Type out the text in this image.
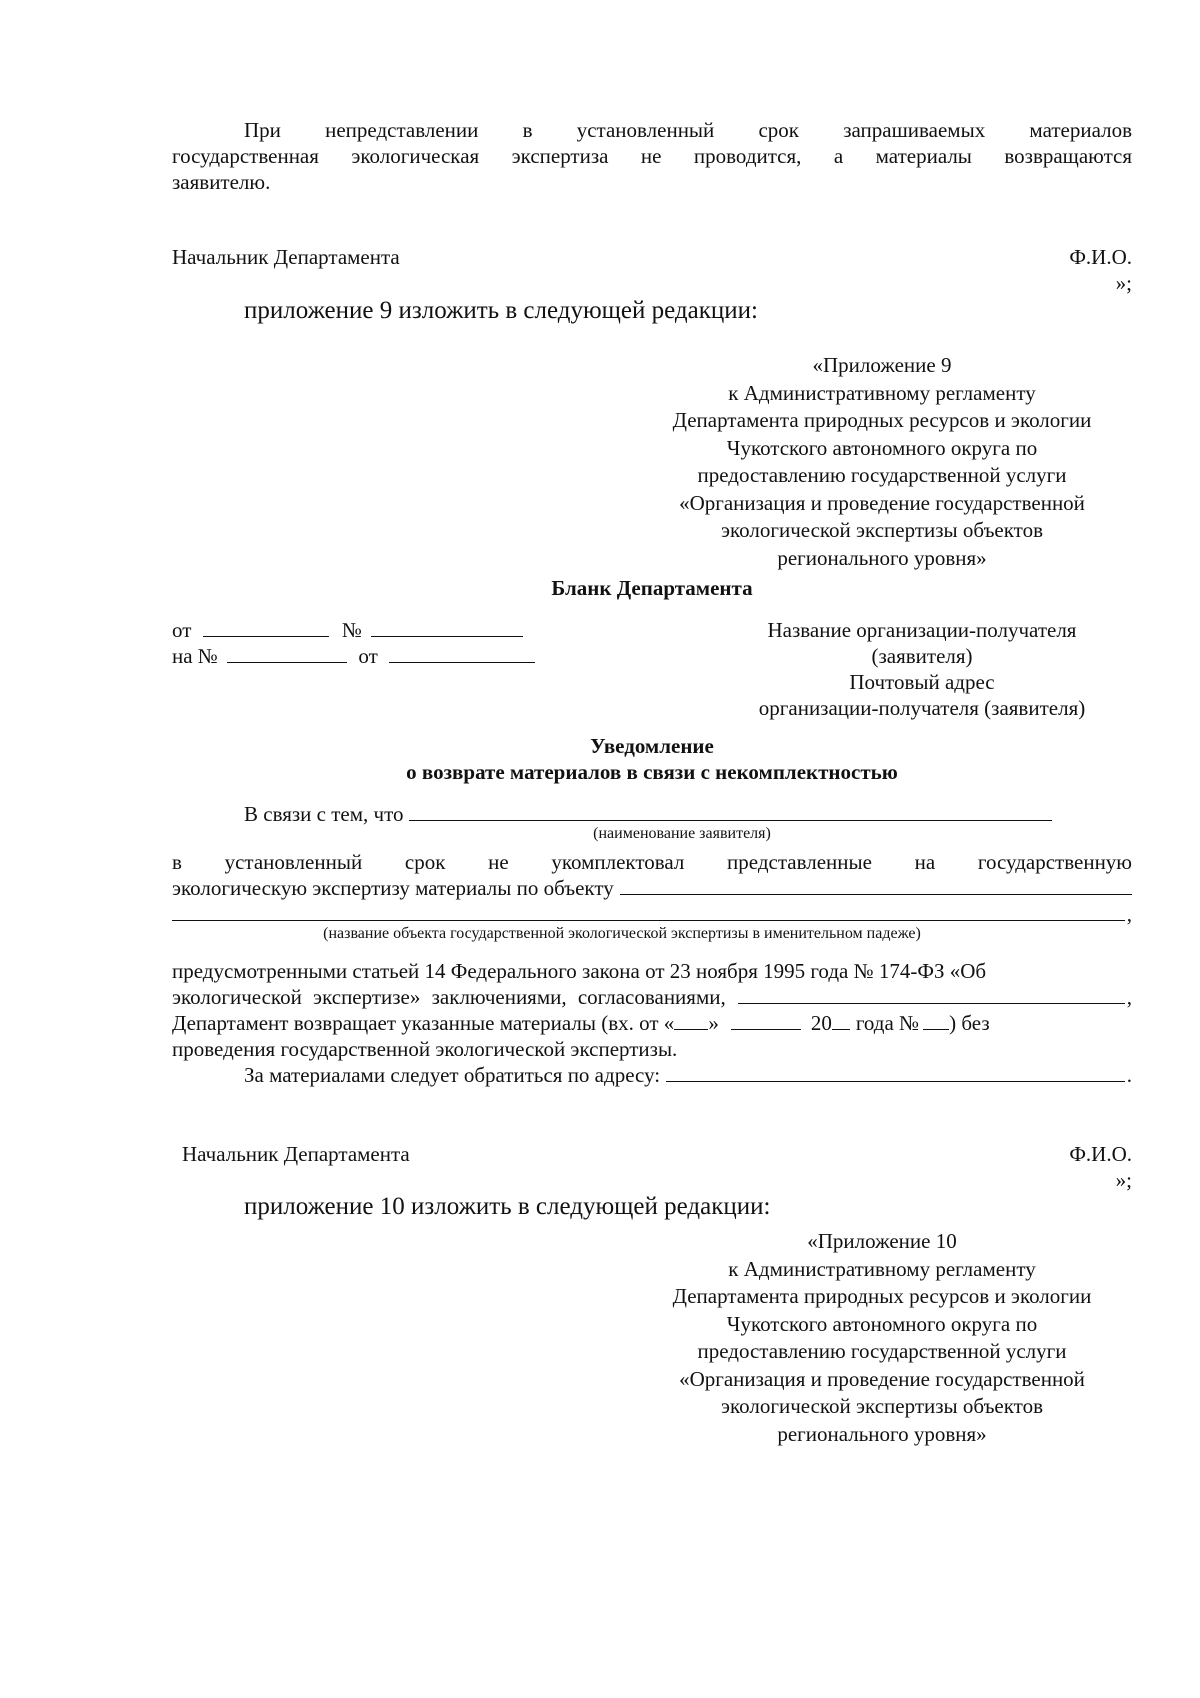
При непредставлении в установленный срок запрашиваемых материалов
государственная экологическая экспертиза не проводится, а материалы возвращаются
заявителю.
Начальник Департамента	Ф.И.О.
»;
приложение 9 изложить в следующей редакции:
«Приложение 9
к Административному регламенту
Департамента природных ресурсов и экологии
Чукотского автономного округа по
предоставлению государственной услуги
«Организация и проведение государственной
экологической экспертизы объектов
регионального уровня»
Бланк Департамента
от	№
на №	от
Название организации-получателя
(заявителя)
Почтовый адрес
организации-получателя (заявителя)
Уведомление
о возврате материалов в связи с некомплектностью
В связи с тем, что
(наименование заявителя)
в установленный срок не укомплектовал представленные на государственную
экологическую экспертизу материалы по объекту
,
(название объекта государственной экологической экспертизы в именительном падеже)
предусмотренными статьей 14 Федерального закона от 23 ноября 1995 года № 174-ФЗ «Об
экологической экспертизе» заключениями, согласованиями,	,
Департамент возвращает указанные материалы (вх. от « »	20 года № ) без
проведения государственной экологической экспертизы.
За материалами следует обратиться по адресу:	.
Начальник Департамента	Ф.И.О.
»;
приложение 10 изложить в следующей редакции:
«Приложение 10
к Административному регламенту
Департамента природных ресурсов и экологии
Чукотского автономного округа по
предоставлению государственной услуги
«Организация и проведение государственной
экологической экспертизы объектов
регионального уровня»
